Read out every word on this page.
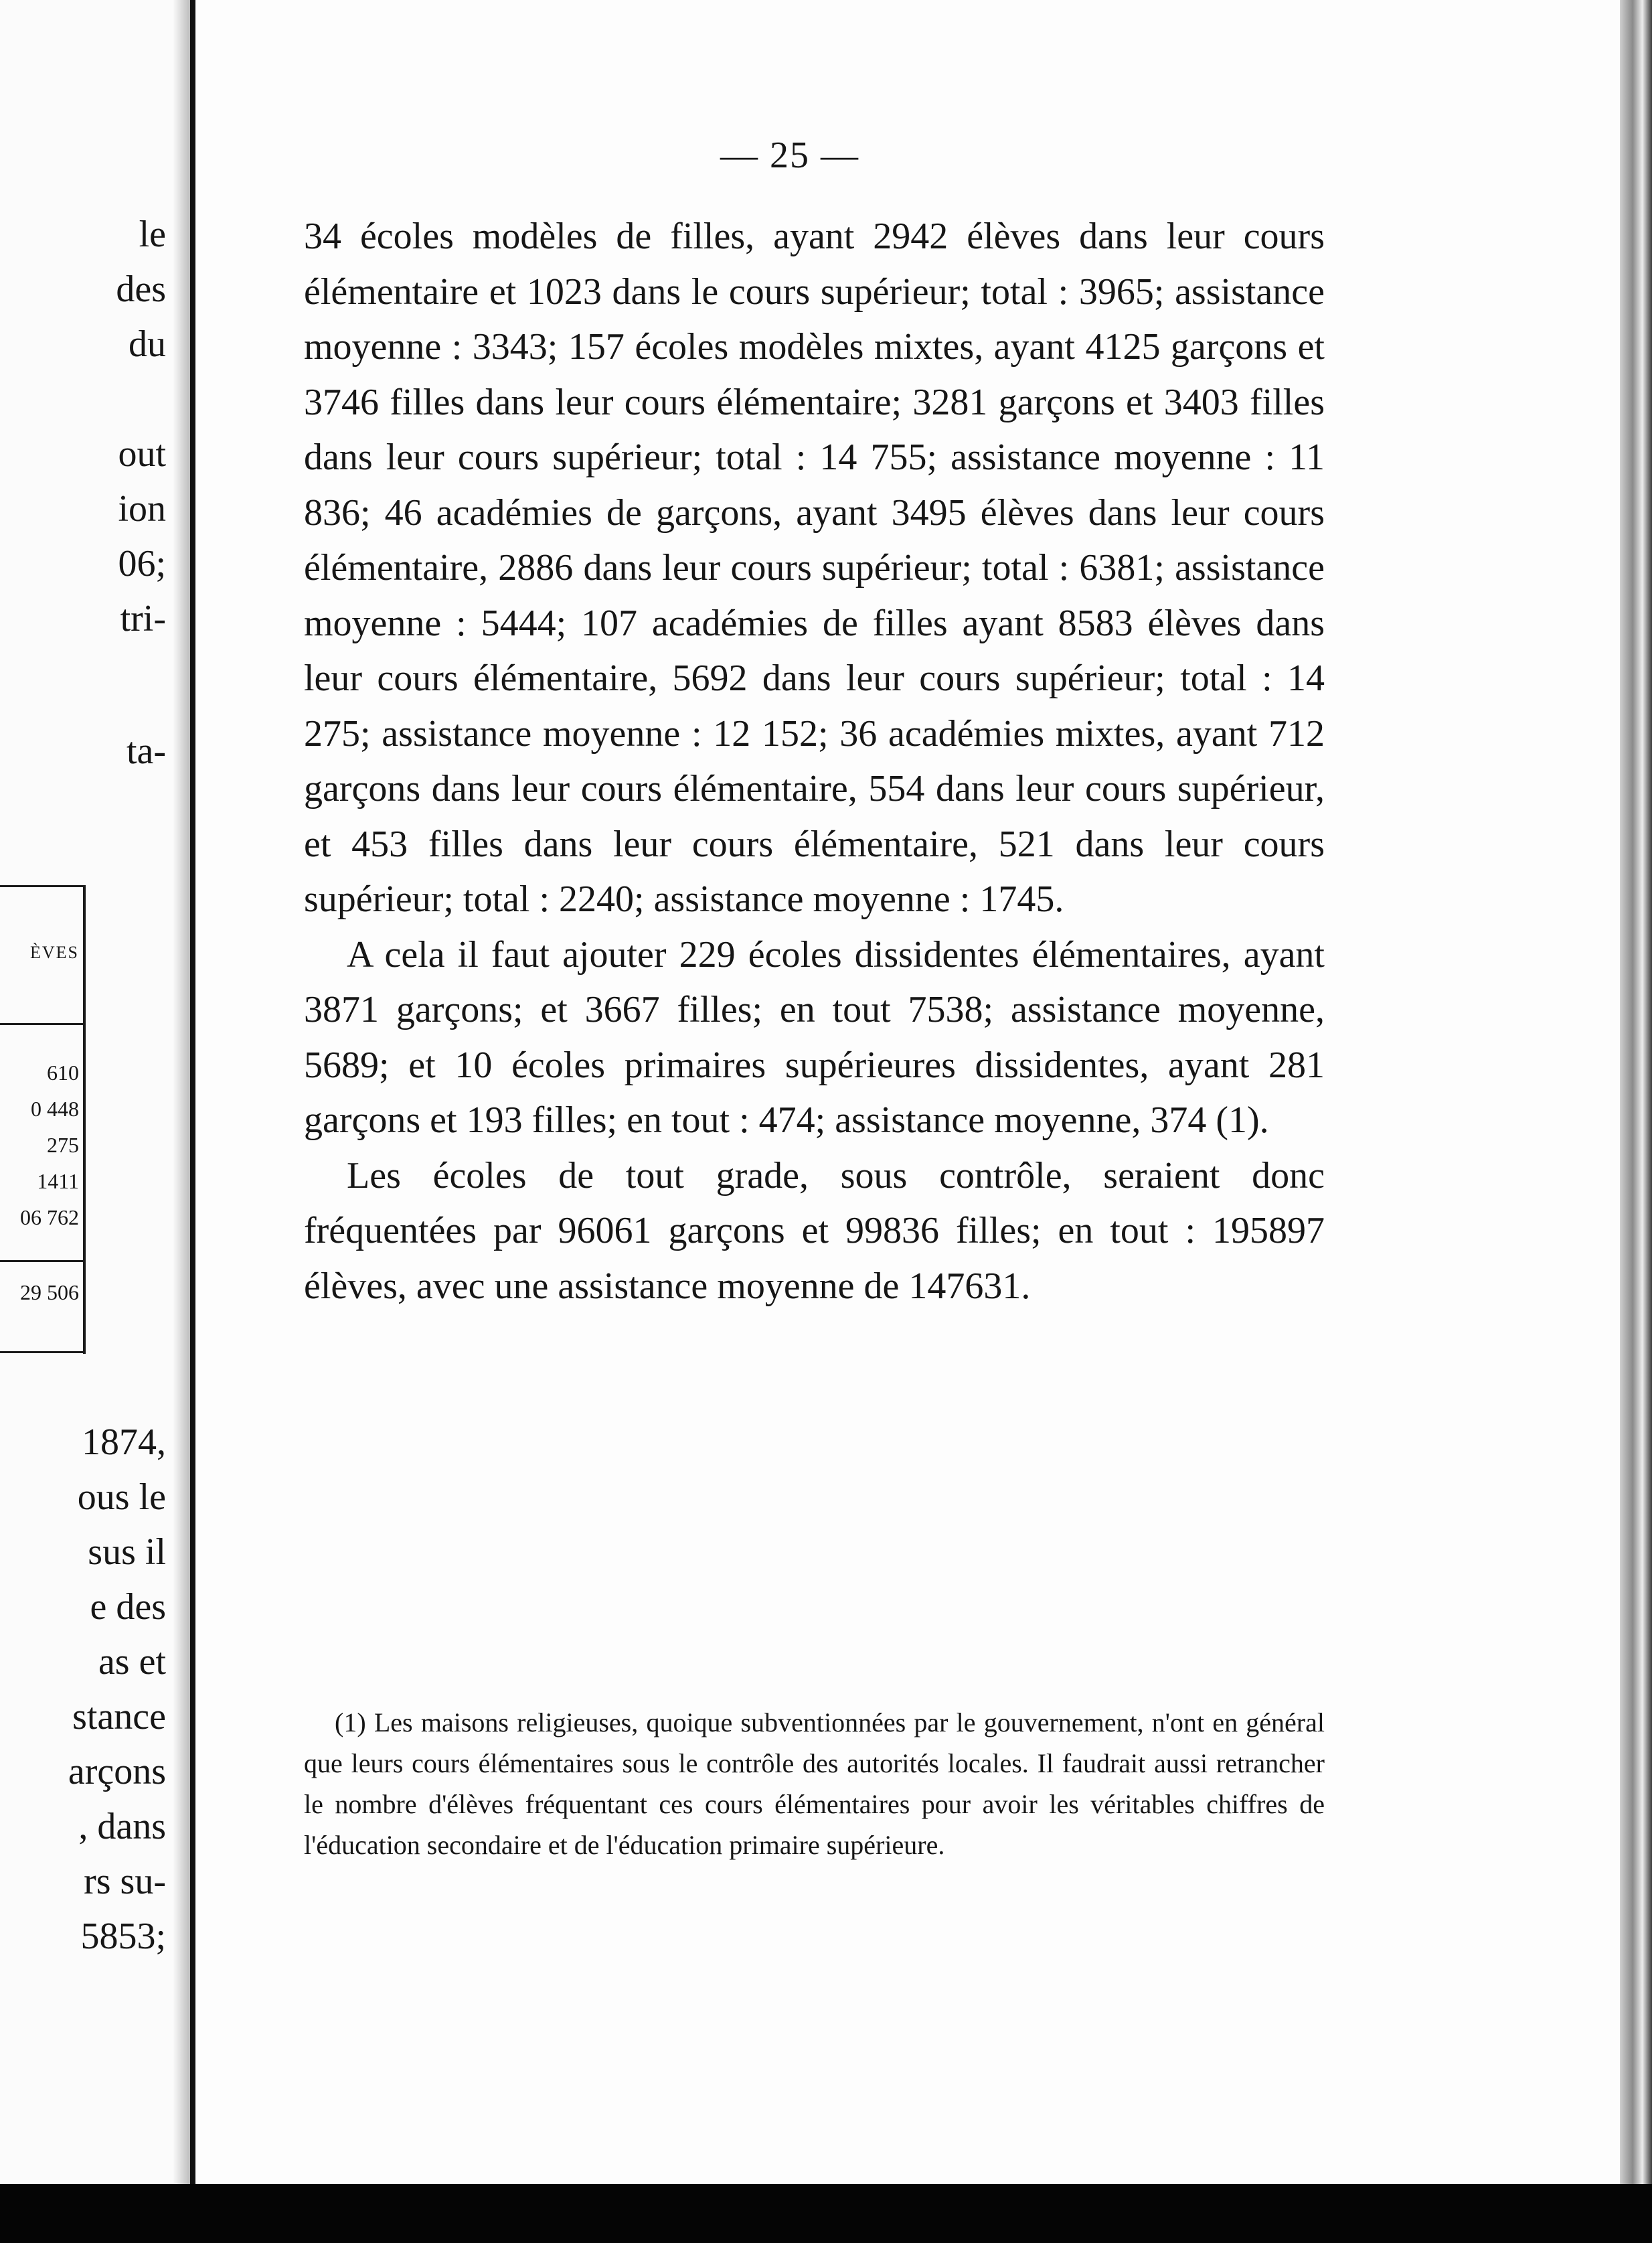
le
des
du
out
ion
06;
tri-
ta-
ÈVES
610
0 448
275
1411
06 762
29 506
1874,
ous le
sus il
e des
as et
stance
arçons
, dans
rs su-
5853;
— 25 —

34 écoles modèles de filles, ayant 2942 élèves dans leur cours élémentaire et 1023 dans le cours supérieur; total : 3965; assistance moyenne : 3343; 157 écoles modèles mixtes, ayant 4125 garçons et 3746 filles dans leur cours élémentaire; 3281 garçons et 3403 filles dans leur cours supérieur; total : 14 755; assistance moyenne : 11 836; 46 académies de garçons, ayant 3495 élèves dans leur cours élémentaire, 2886 dans leur cours supérieur; total : 6381; assistance moyenne : 5444; 107 académies de filles ayant 8583 élèves dans leur cours élémentaire, 5692 dans leur cours supérieur; total : 14 275; assistance moyenne : 12 152; 36 académies mixtes, ayant 712 garçons dans leur cours élémentaire, 554 dans leur cours supérieur, et 453 filles dans leur cours élémentaire, 521 dans leur cours supérieur; total : 2240; assistance moyenne : 1745.

A cela il faut ajouter 229 écoles dissidentes élémentaires, ayant 3871 garçons; et 3667 filles; en tout 7538; assistance moyenne, 5689; et 10 écoles primaires supérieures dissidentes, ayant 281 garçons et 193 filles; en tout : 474; assistance moyenne, 374 (1).

Les écoles de tout grade, sous contrôle, seraient donc fréquentées par 96061 garçons et 99836 filles; en tout : 195897 élèves, avec une assistance moyenne de 147631.

(1) Les maisons religieuses, quoique subventionnées par le gouvernement, n'ont en général que leurs cours élémentaires sous le contrôle des autorités locales. Il faudrait aussi retrancher le nombre d'élèves fréquentant ces cours élémentaires pour avoir les véritables chiffres de l'éducation secondaire et de l'éducation primaire supérieure.
